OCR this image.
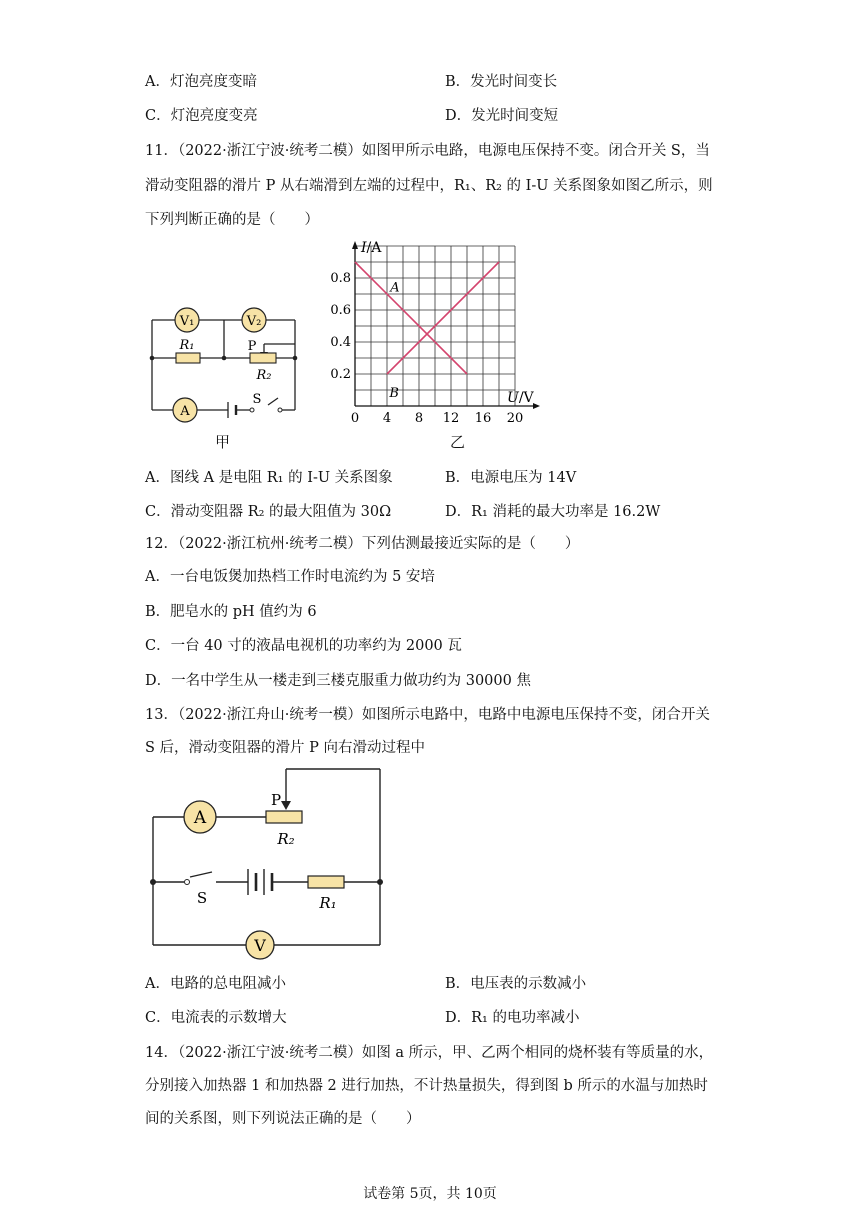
A．灯泡亮度变暗	B．发光时间变长
C．灯泡亮度变亮	D．发光时间变短
11．（2022·浙江宁波·统考二模）如图甲所示电路，电源电压保持不变。闭合开关 S，当
滑动变阻器的滑片 P 从右端滑到左端的过程中，R₁、R₂ 的 I-U 关系图象如图乙所示，则
下列判断正确的是（　　）
V₁	V₂
A
R₁	P
R₂
S
甲
0 4 8 12 16 20
0.2
0.4
0.6
0.8
I/A
U/V
A
B
乙
A．图线 A 是电阻 R₁ 的 I-U 关系图象	B．电源电压为 14V
C．滑动变阻器 R₂ 的最大阻值为 30Ω	D．R₁ 消耗的最大功率是 16.2W
12．（2022·浙江杭州·统考二模）下列估测最接近实际的是（　　）
A．一台电饭煲加热档工作时电流约为 5 安培
B．肥皂水的 pH 值约为 6
C．一台 40 寸的液晶电视机的功率约为 2000 瓦
D．一名中学生从一楼走到三楼克服重力做功约为 30000 焦
13．（2022·浙江舟山·统考一模）如图所示电路中，电路中电源电压保持不变，闭合开关
S 后，滑动变阻器的滑片 P 向右滑动过程中
A
V
P
R₂
S	R₁
A．电路的总电阻减小	B．电压表的示数减小
C．电流表的示数增大	D．R₁ 的电功率减小
14．（2022·浙江宁波·统考二模）如图 a 所示，甲、乙两个相同的烧杯装有等质量的水，
分别接入加热器 1 和加热器 2 进行加热，不计热量损失，得到图 b 所示的水温与加热时
间的关系图，则下列说法正确的是（　　）
试卷第 5页，共 10页
